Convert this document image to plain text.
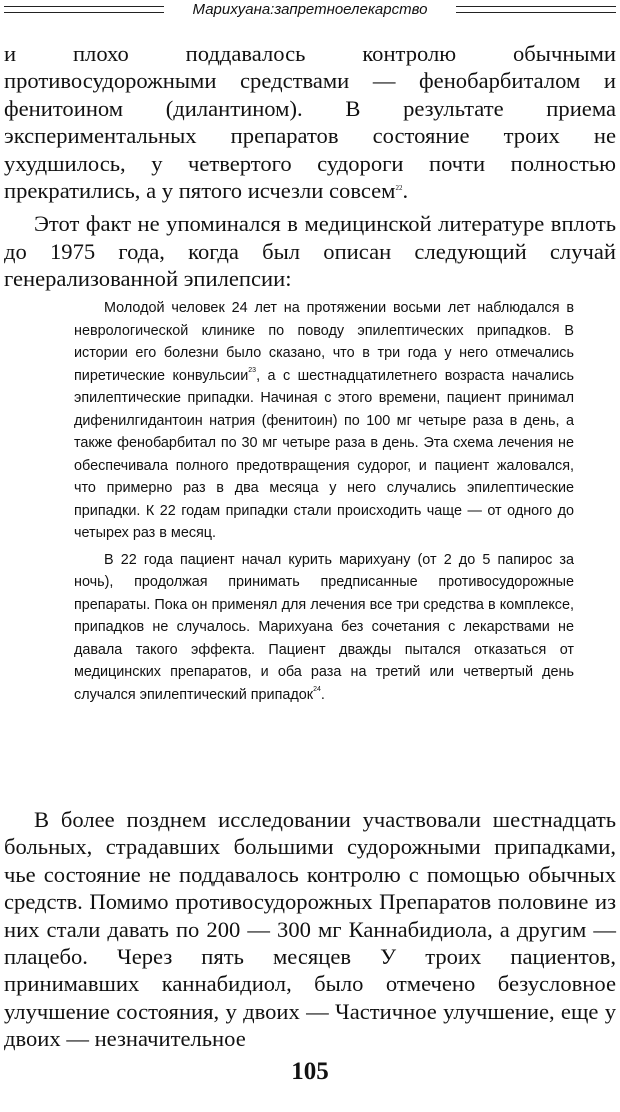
Марихуана:запретноелекарство

и плохо поддавалось контролю обычными противосудорожными средствами — фенобарбиталом и фенитоином (дилантином). В результате приема экспериментальных препаратов состояние троих не ухудшилось, у четвертого судороги почти полностью прекратились, а у пятого исчезли совсем$^{22}$.

Этот факт не упоминался в медицинской литературе вплоть до 1975 года, когда был описан следующий случай генерализованной эпилепсии:

Молодой человек 24 лет на протяжении восьми лет наблюдался в неврологической клинике по поводу эпилептических припадков. В истории его болезни было сказано, что в три года у него отмечались пиретические конвульсии$^{23}$, а с шестнадцатилетнего возраста начались эпилептические припадки. Начиная с этого времени, пациент принимал дифенилгидантоин натрия (фенитоин) по 100 мг четыре раза в день, а также фенобарбитал по 30 мг четыре раза в день. Эта схема лечения не обеспечивала полного предотвращения судорог, и пациент жаловался, что примерно раз в два месяца у него случались эпилептические припадки. К 22 годам припадки стали происходить чаще — от одного до четырех раз в месяц.

В 22 года пациент начал курить марихуану (от 2 до 5 папирос за ночь), продолжая принимать предписанные противосудорожные препараты. Пока он применял для лечения все три средства в комплексе, припадков не случалось. Марихуана без сочетания с лекарствами не давала такого эффекта. Пациент дважды пытался отказаться от медицинских препаратов, и оба раза на третий или четвертый день случался эпилептический припадок$^{24}$.

В более позднем исследовании участвовали шестнадцать больных, страдавших большими судорожными припадками, чье состояние не поддавалось контролю с помощью обычных средств. Помимо противосудорожных Препаратов половине из них стали давать по 200 — 300 мг Каннабидиола, а другим — плацебо. Через пять месяцев У троих пациентов, принимавших каннабидиол, было отмечено безусловное улучшение состояния, у двоих — Частичное улучшение, еще у двоих — незначительное

105
